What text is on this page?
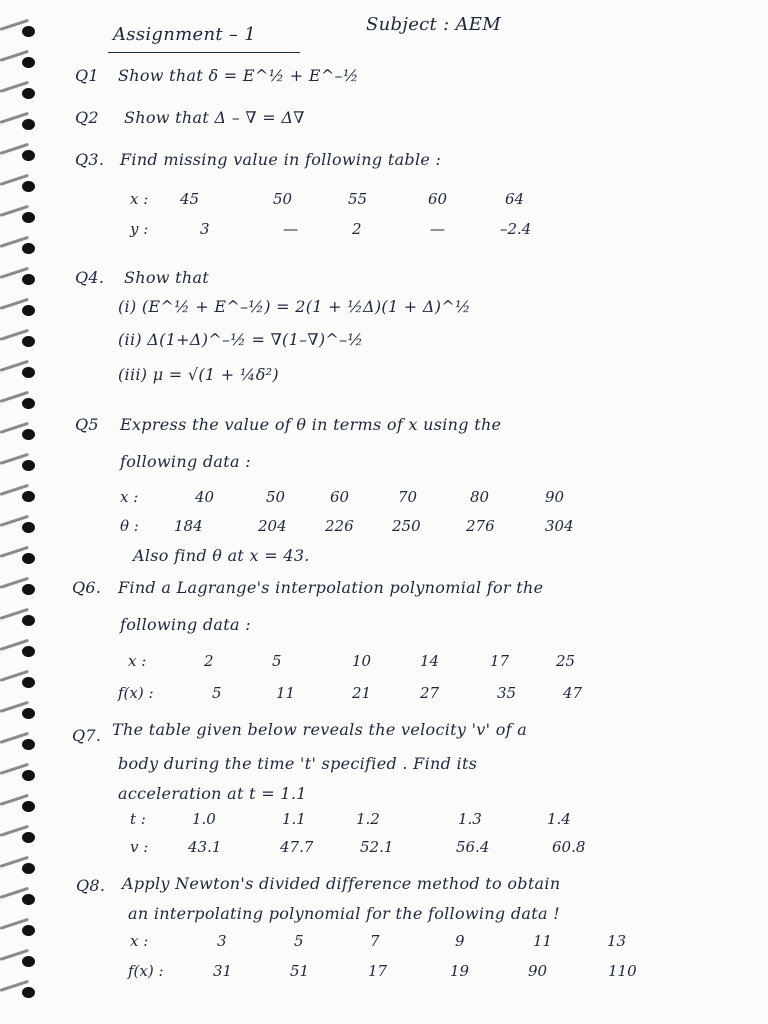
Assignment – 1	Subject : AEM
Q1 Show that δ = E^½ + E^–½
Q2 Show that Δ – ∇ = Δ∇
Q3. Find missing value in following table :
x : 45	50	55	60	64
y :	3	—	2	—	–2.4
Q4. Show that
(i) (E^½ + E^–½) = 2(1 + ½Δ)(1 + Δ)^½
(ii) Δ(1+Δ)^–½ = ∇(1–∇)^–½
(iii) μ = √(1 + ¼δ²)
Q5 Express the value of θ in terms of x using the
following data :
x :	40	50	60	70	80	90
θ : 184	204	226	250	276	304
Also find θ at x = 43.
Q6. Find a Lagrange's interpolation polynomial for the
following data :
x :	2	5	10	14	17	25
f(x) :	5	11	21	27	35	47
Q7. The table given below reveals the velocity 'v' of a
body during the time 't' specified . Find its
acceleration at t = 1.1
t :	1.0	1.1	1.2	1.3	1.4
v :	43.1	47.7	52.1	56.4	60.8
Q8. Apply Newton's divided difference method to obtain
an interpolating polynomial for the following data !
x :	3	5	7	9	11	13
f(x) :	31	51	17	19	90	110
